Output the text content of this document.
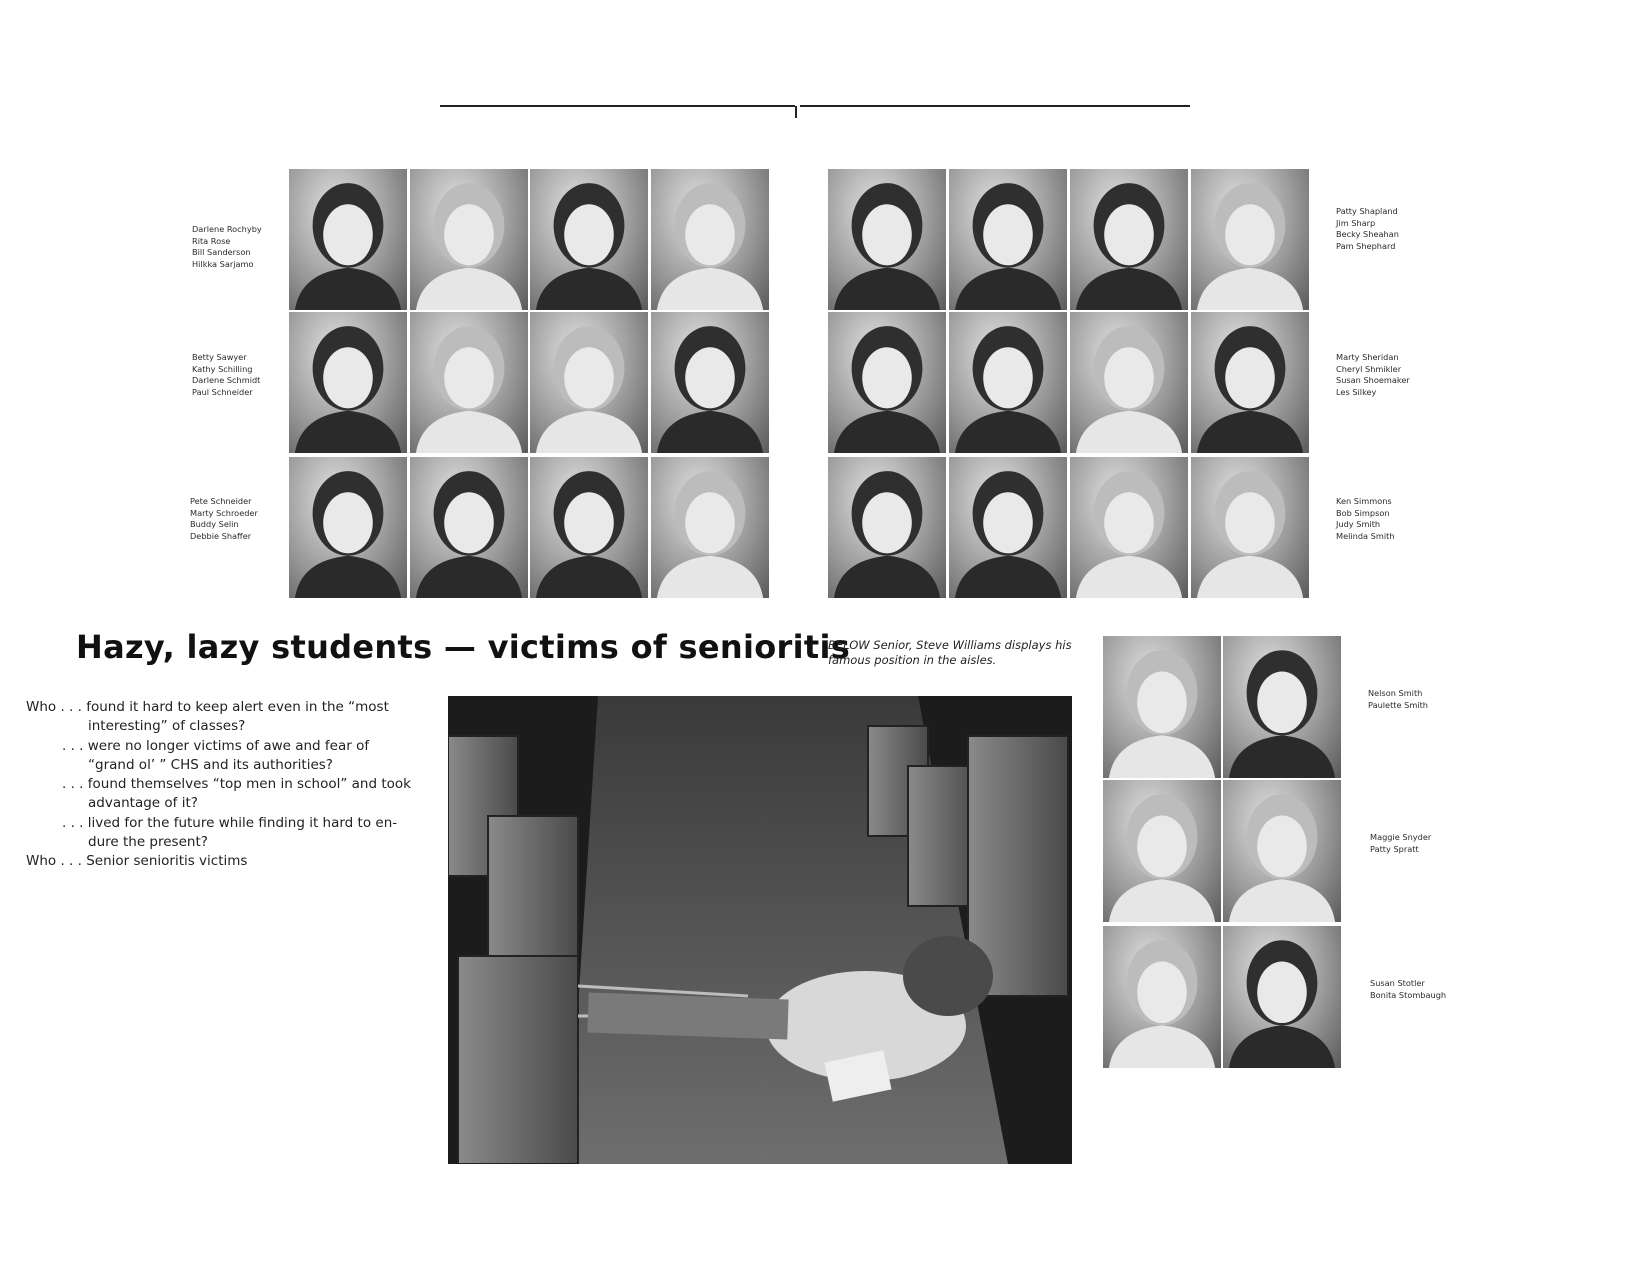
Darlene Rochyby
Rita Rose
Bill Sanderson
Hilkka Sarjamo
Betty Sawyer
Kathy Schilling
Darlene Schmidt
Paul Schneider
Pete Schneider
Marty Schroeder
Buddy Selin
Debbie Shaffer
Patty Shapland
Jim Sharp
Becky Sheahan
Pam Shephard
Marty Sheridan
Cheryl Shmikler
Susan Shoemaker
Les Silkey
Ken Simmons
Bob Simpson
Judy Smith
Melinda Smith
Nelson Smith
Paulette Smith
Maggie Snyder
Patty Spratt
Susan Stotler
Bonita Stombaugh
Hazy, lazy students — victims of senioritis
BELOW Senior, Steve Williams displays his famous position in the aisles.
Who . . . found it hard to keep alert even in the “most
interesting” of classes?
. . . were no longer victims of awe and fear of
“grand ol’ ” CHS and its authorities?
. . . found themselves “top men in school” and took
advantage of it?
. . . lived for the future while finding it hard to en-
dure the present?
Who . . . Senior senioritis victims
